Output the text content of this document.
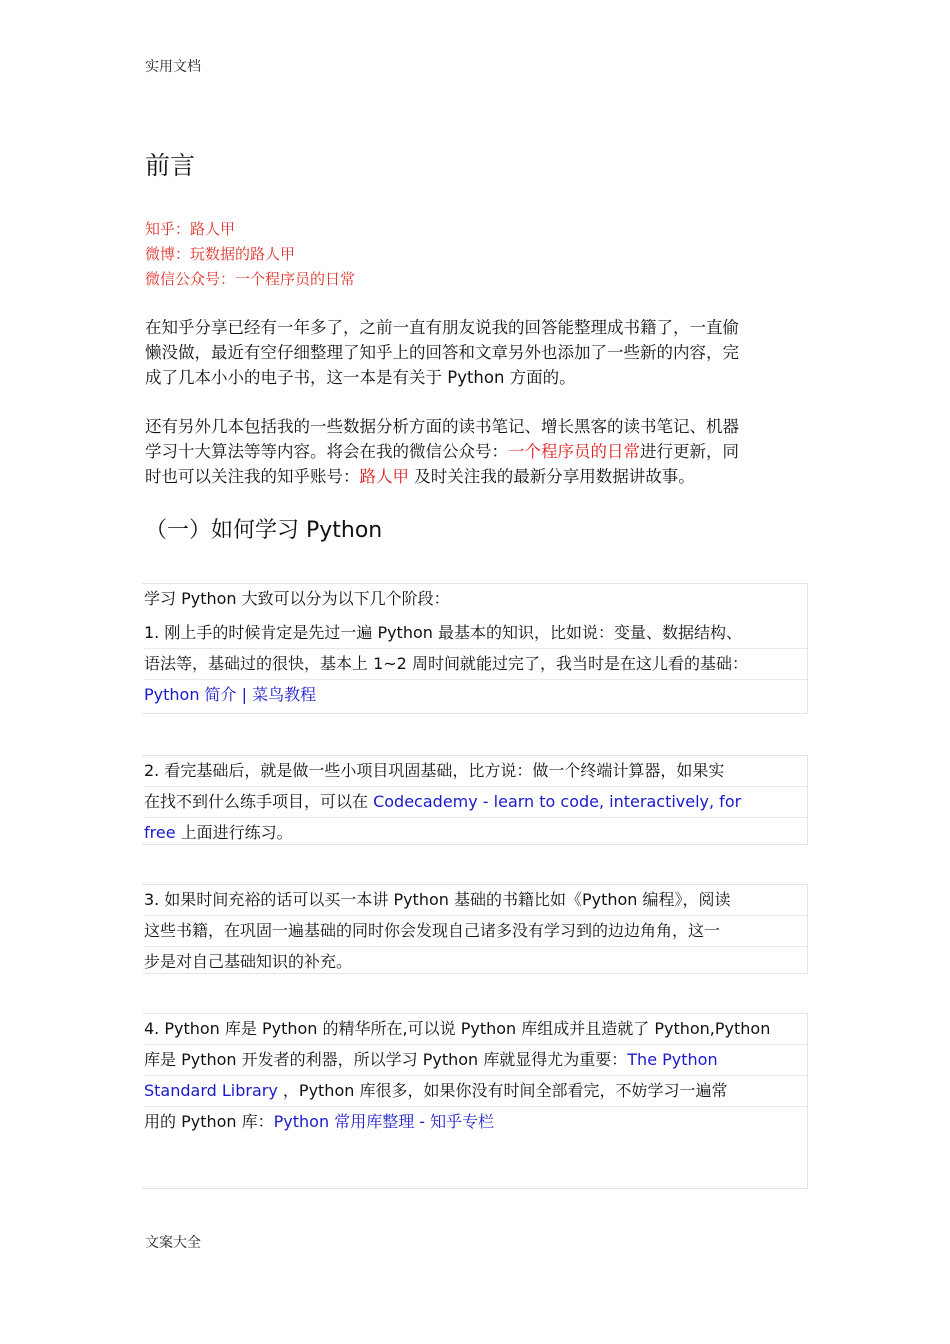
实用文档
前言
知乎：路人甲
微博：玩数据的路人甲
微信公众号：一个程序员的日常
在知乎分享已经有一年多了，之前一直有朋友说我的回答能整理成书籍了，一直偷
懒没做，最近有空仔细整理了知乎上的回答和文章另外也添加了一些新的内容，完
成了几本小小的电子书，这一本是有关于 Python 方面的。
还有另外几本包括我的一些数据分析方面的读书笔记、增长黑客的读书笔记、机器
学习十大算法等等内容。将会在我的微信公众号：一个程序员的日常进行更新，同
时也可以关注我的知乎账号：路人甲 及时关注我的最新分享用数据讲故事。
（一）如何学习 Python
学习 Python 大致可以分为以下几个阶段：
1. 刚上手的时候肯定是先过一遍 Python 最基本的知识，比如说：变量、数据结构、
语法等，基础过的很快，基本上 1~2 周时间就能过完了，我当时是在这儿看的基础：
Python 简介 | 菜鸟教程
2. 看完基础后，就是做一些小项目巩固基础，比方说：做一个终端计算器，如果实
在找不到什么练手项目，可以在 Codecademy - learn to code, interactively, for
free 上面进行练习。
3. 如果时间充裕的话可以买一本讲 Python 基础的书籍比如《Python 编程》，阅读
这些书籍，在巩固一遍基础的同时你会发现自己诸多没有学习到的边边角角，这一
步是对自己基础知识的补充。
4. Python 库是 Python 的精华所在,可以说 Python 库组成并且造就了 Python,Python
库是 Python 开发者的利器，所以学习 Python 库就显得尤为重要：The Python
Standard Library ，Python 库很多，如果你没有时间全部看完，不妨学习一遍常
用的 Python 库：Python 常用库整理 - 知乎专栏
文案大全
